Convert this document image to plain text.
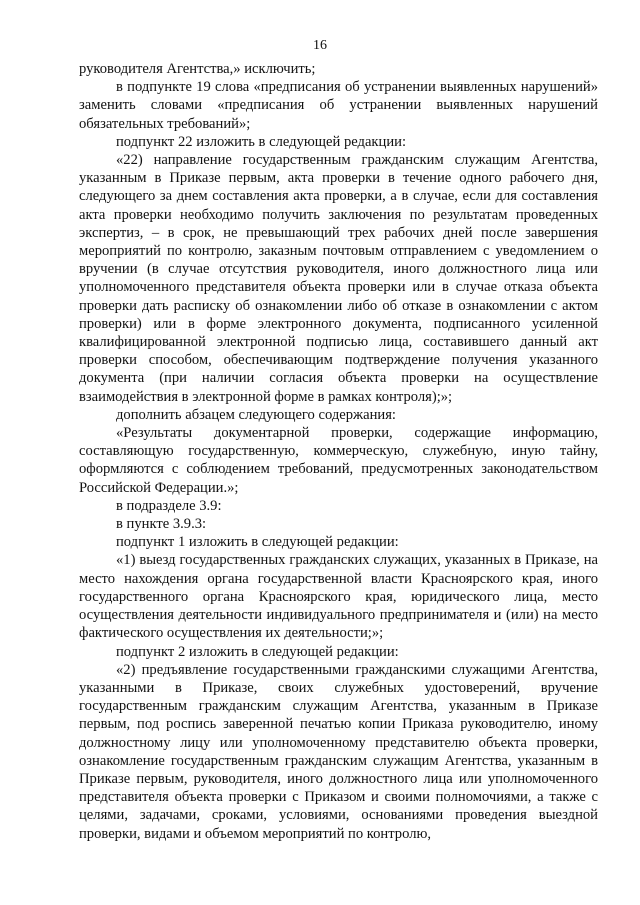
16

руководителя Агентства,» исключить;

в подпункте 19 слова «предписания об устранении выявленных нарушений» заменить словами «предписания об устранении выявленных нарушений обязательных требований»;

подпункт 22 изложить в следующей редакции:

«22) направление государственным гражданским служащим Агентства, указанным в Приказе первым, акта проверки в течение одного рабочего дня, следующего за днем составления акта проверки, а в случае, если для составления акта проверки необходимо получить заключения по результатам проведенных экспертиз, – в срок, не превышающий трех рабочих дней после завершения мероприятий по контролю, заказным почтовым отправлением с уведомлением о вручении (в случае отсутствия руководителя, иного должностного лица или уполномоченного представителя объекта проверки или в случае отказа объекта проверки дать расписку об ознакомлении либо об отказе в ознакомлении с актом проверки) или в форме электронного документа, подписанного усиленной квалифицированной электронной подписью лица, составившего данный акт проверки способом, обеспечивающим подтверждение получения указанного документа (при наличии согласия объекта проверки на осуществление взаимодействия в электронной форме в рамках контроля);»;

дополнить абзацем следующего содержания:

«Результаты документарной проверки, содержащие информацию, составляющую государственную, коммерческую, служебную, иную тайну, оформляются с соблюдением требований, предусмотренных законодательством Российской Федерации.»;

в подразделе 3.9:

в пункте 3.9.3:

подпункт 1 изложить в следующей редакции:

«1) выезд государственных гражданских служащих, указанных в Приказе, на место нахождения органа государственной власти Красноярского края, иного государственного органа Красноярского края, юридического лица, место осуществления деятельности индивидуального предпринимателя и (или) на место фактического осуществления их деятельности;»;

подпункт 2 изложить в следующей редакции:

«2) предъявление государственными гражданскими служащими Агентства, указанными в Приказе, своих служебных удостоверений, вручение государственным гражданским служащим Агентства, указанным в Приказе первым, под роспись заверенной печатью копии Приказа руководителю, иному должностному лицу или уполномоченному представителю объекта проверки, ознакомление государственным гражданским служащим Агентства, указанным в Приказе первым, руководителя, иного должностного лица или уполномоченного представителя объекта проверки с Приказом и своими полномочиями, а также с целями, задачами, сроками, условиями, основаниями проведения выездной проверки, видами и объемом мероприятий по контролю,
